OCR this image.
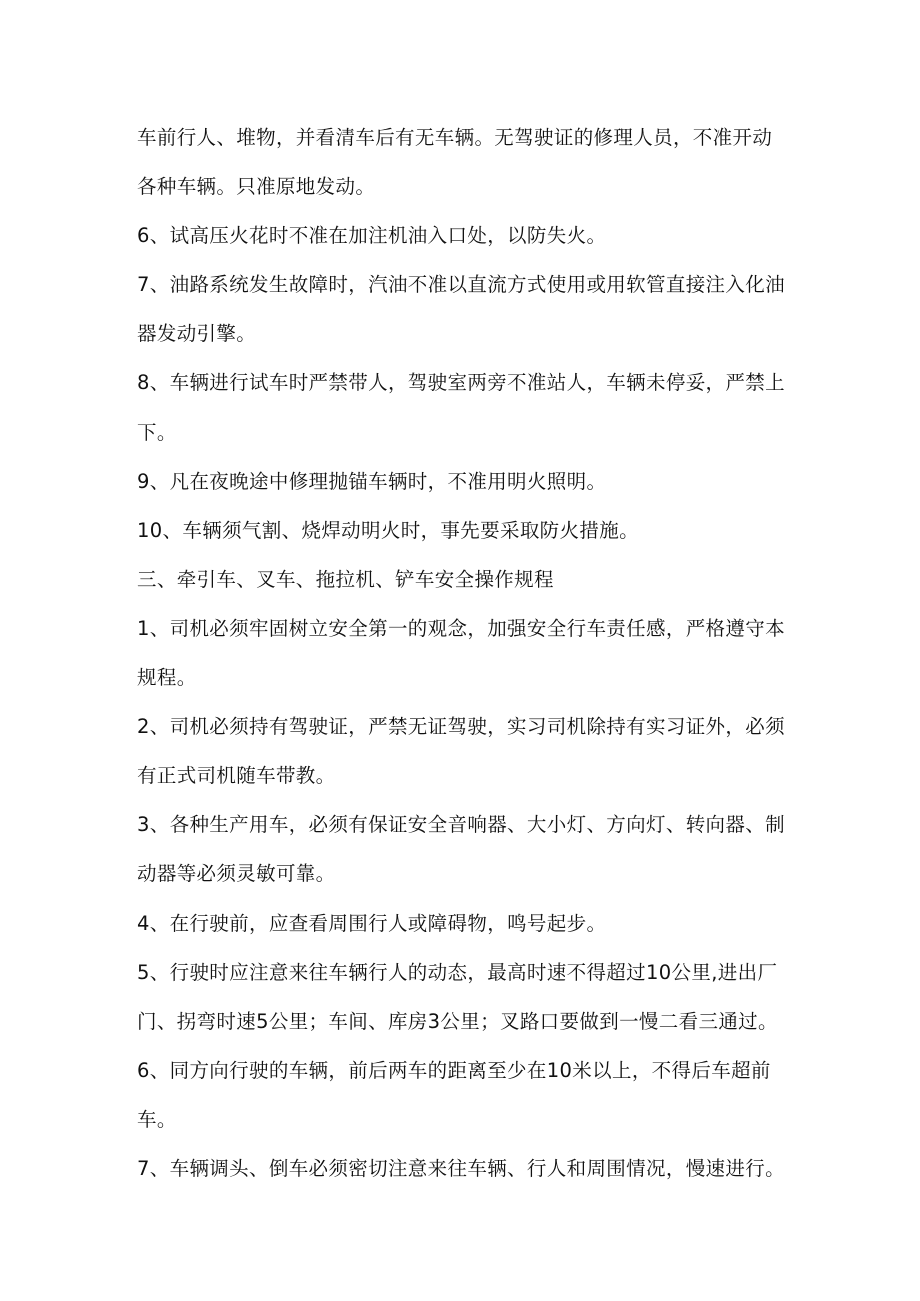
车前行人、堆物，并看清车后有无车辆。无驾驶证的修理人员，不准开动
各种车辆。只准原地发动。
6、试高压火花时不准在加注机油入口处，以防失火。
7、油路系统发生故障时，汽油不准以直流方式使用或用软管直接注入化油
器发动引擎。
8、车辆进行试车时严禁带人，驾驶室两旁不准站人，车辆未停妥，严禁上
下。
9、凡在夜晚途中修理抛锚车辆时，不准用明火照明。
10、车辆须气割、烧焊动明火时，事先要采取防火措施。
三、牵引车、叉车、拖拉机、铲车安全操作规程
1、司机必须牢固树立安全第一的观念，加强安全行车责任感，严格遵守本
规程。
2、司机必须持有驾驶证，严禁无证驾驶，实习司机除持有实习证外，必须
有正式司机随车带教。
3、各种生产用车，必须有保证安全音响器、大小灯、方向灯、转向器、制
动器等必须灵敏可靠。
4、在行驶前，应查看周围行人或障碍物，鸣号起步。
5、行驶时应注意来往车辆行人的动态，最高时速不得超过10公里,进出厂
门、拐弯时速5公里；车间、库房3公里；叉路口要做到一慢二看三通过。
6、同方向行驶的车辆，前后两车的距离至少在10米以上，不得后车超前
车。
7、车辆调头、倒车必须密切注意来往车辆、行人和周围情况，慢速进行。
